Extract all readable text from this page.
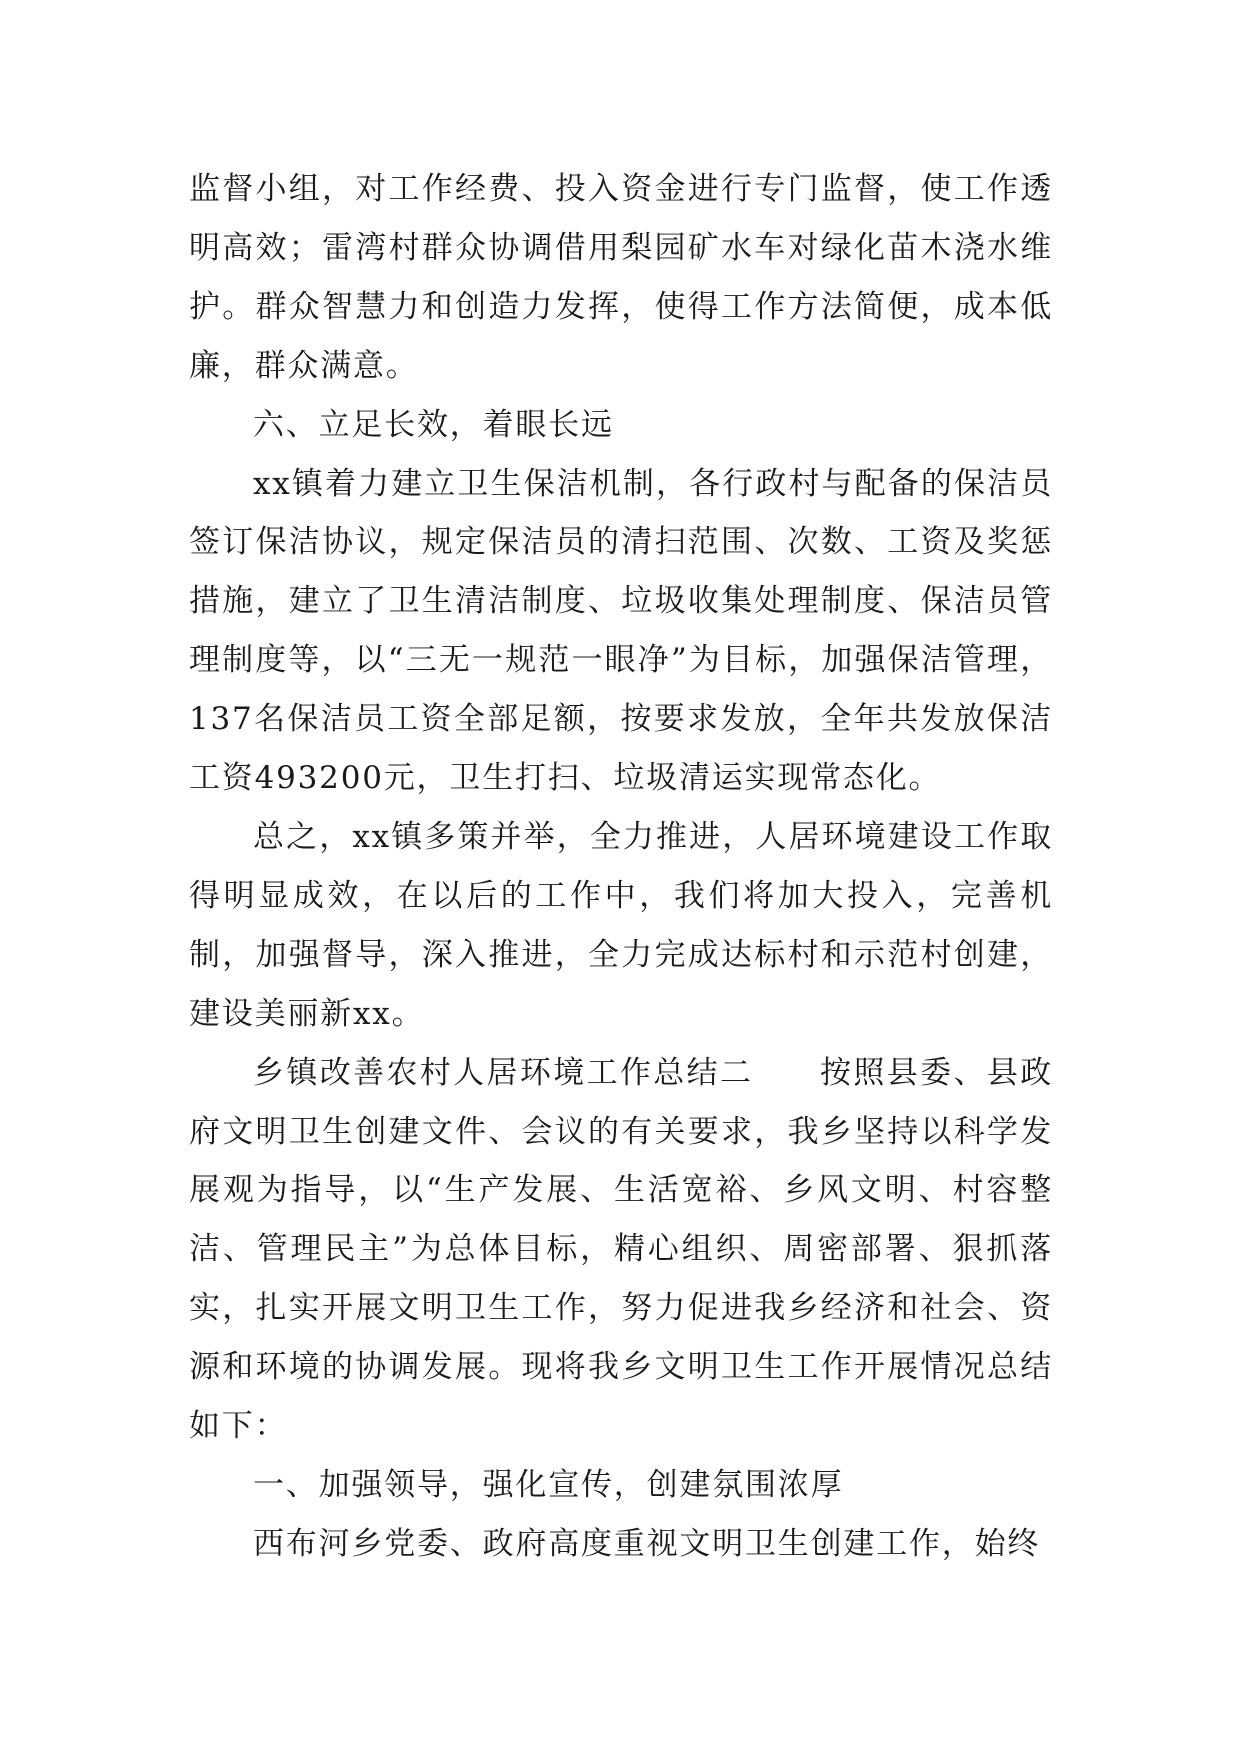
监督小组，对工作经费、投入资金进行专门监督，使工作透明高效；雷湾村群众协调借用梨园矿水车对绿化苗木浇水维护。群众智慧力和创造力发挥，使得工作方法简便，成本低廉，群众满意。

六、立足长效，着眼长远

xx镇着力建立卫生保洁机制，各行政村与配备的保洁员签订保洁协议，规定保洁员的清扫范围、次数、工资及奖惩措施，建立了卫生清洁制度、垃圾收集处理制度、保洁员管理制度等，以“三无一规范一眼净”为目标，加强保洁管理，137名保洁员工资全部足额，按要求发放，全年共发放保洁工资493200元，卫生打扫、垃圾清运实现常态化。

总之，xx镇多策并举，全力推进，人居环境建设工作取得明显成效，在以后的工作中，我们将加大投入，完善机制，加强督导，深入推进，全力完成达标村和示范村创建，建设美丽新xx。

乡镇改善农村人居环境工作总结二　　按照县委、县政府文明卫生创建文件、会议的有关要求，我乡坚持以科学发展观为指导，以“生产发展、生活宽裕、乡风文明、村容整洁、管理民主”为总体目标，精心组织、周密部署、狠抓落实，扎实开展文明卫生工作，努力促进我乡经济和社会、资源和环境的协调发展。现将我乡文明卫生工作开展情况总结如下：

一、加强领导，强化宣传，创建氛围浓厚

西布河乡党委、政府高度重视文明卫生创建工作，始终
